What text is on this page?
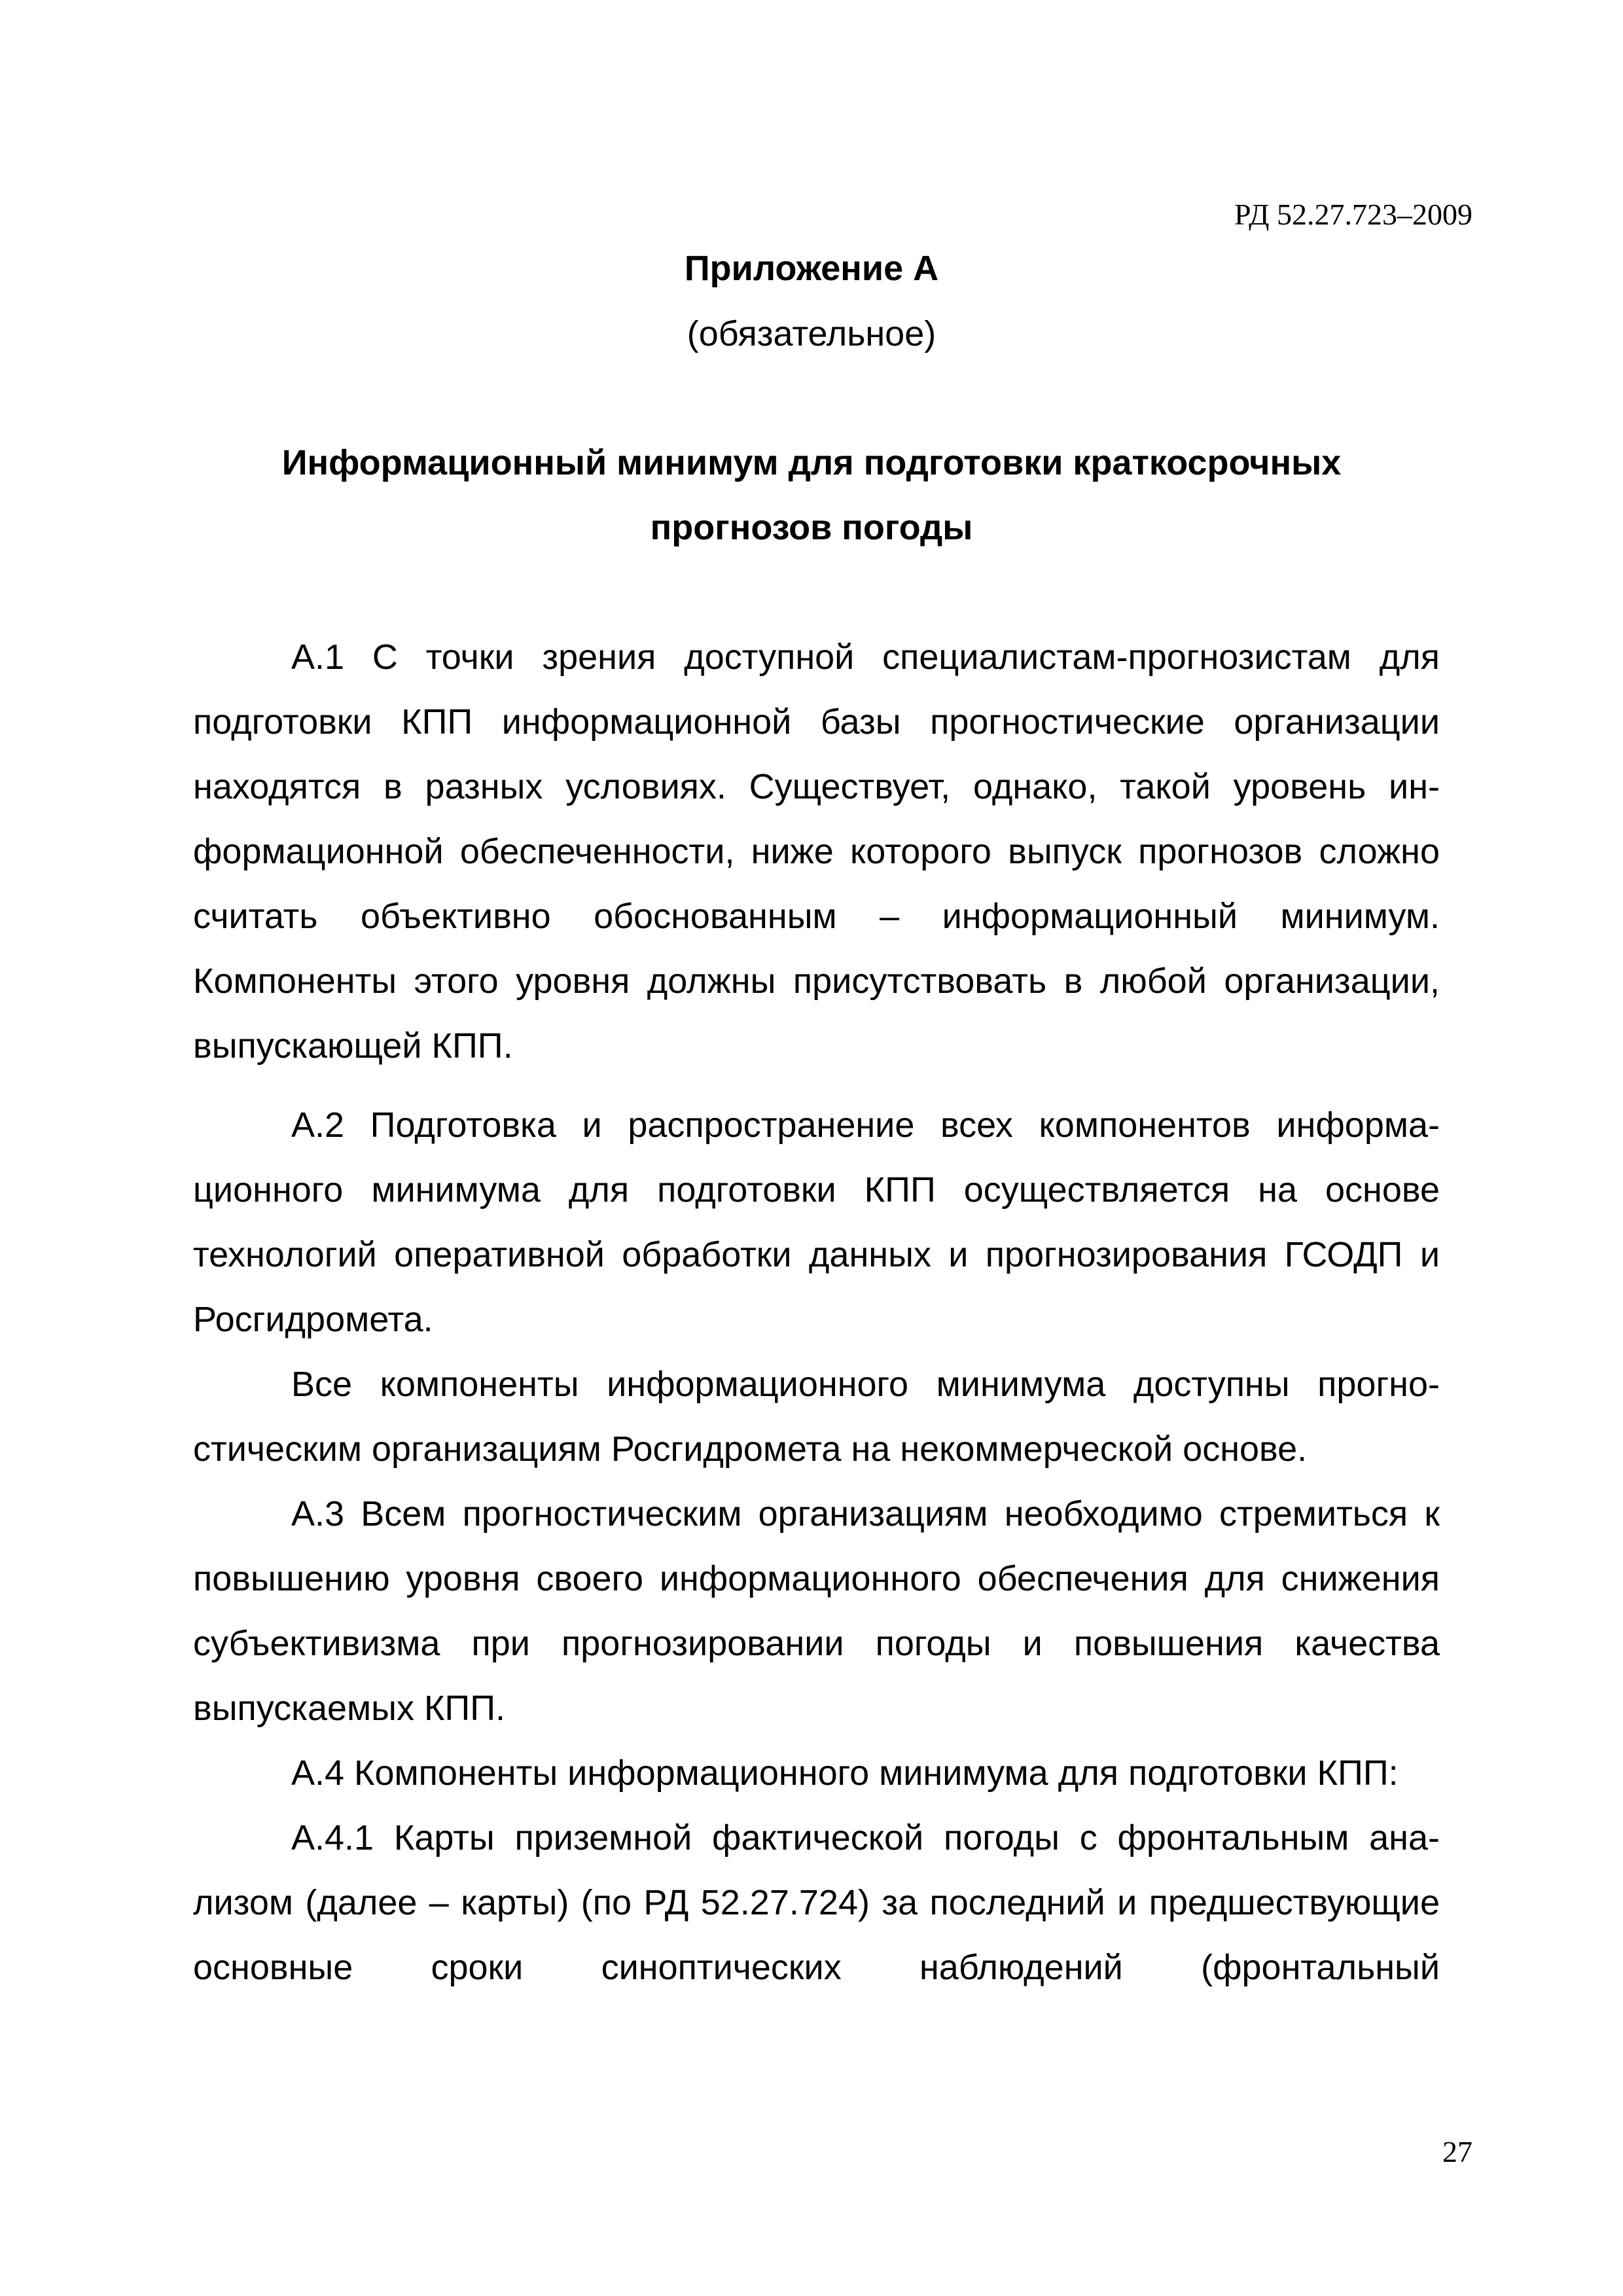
РД 52.27.723–2009
Приложение А
(обязательное)
Информационный минимум для подготовки краткосрочных
прогнозов погоды

А.1 С точки зрения доступной специалистам-прогнозистам для подготовки КПП информационной базы прогностические организации находятся в разных условиях. Существует, однако, такой уровень информационной обеспеченности, ниже которого выпуск прогнозов сложно считать объективно обоснованным – информационный минимум. Компоненты этого уровня должны присутствовать в любой организации, выпускающей КПП.

А.2 Подготовка и распространение всех компонентов информационного минимума для подготовки КПП осуществляется на основе технологий оперативной обработки данных и прогнозирования ГСОДП и Росгидромета.

Все компоненты информационного минимума доступны прогностическим организациям Росгидромета на некоммерческой основе.

А.3 Всем прогностическим организациям необходимо стремиться к повышению уровня своего информационного обеспечения для снижения субъективизма при прогнозировании погоды и повышения качества выпускаемых КПП.

А.4 Компоненты информационного минимума для подготовки КПП:

А.4.1 Карты приземной фактической погоды с фронтальным анализом (далее – карты) (по РД 52.27.724) за последний и предшествующие основные сроки синоптических наблюдений (фронтальный

27
